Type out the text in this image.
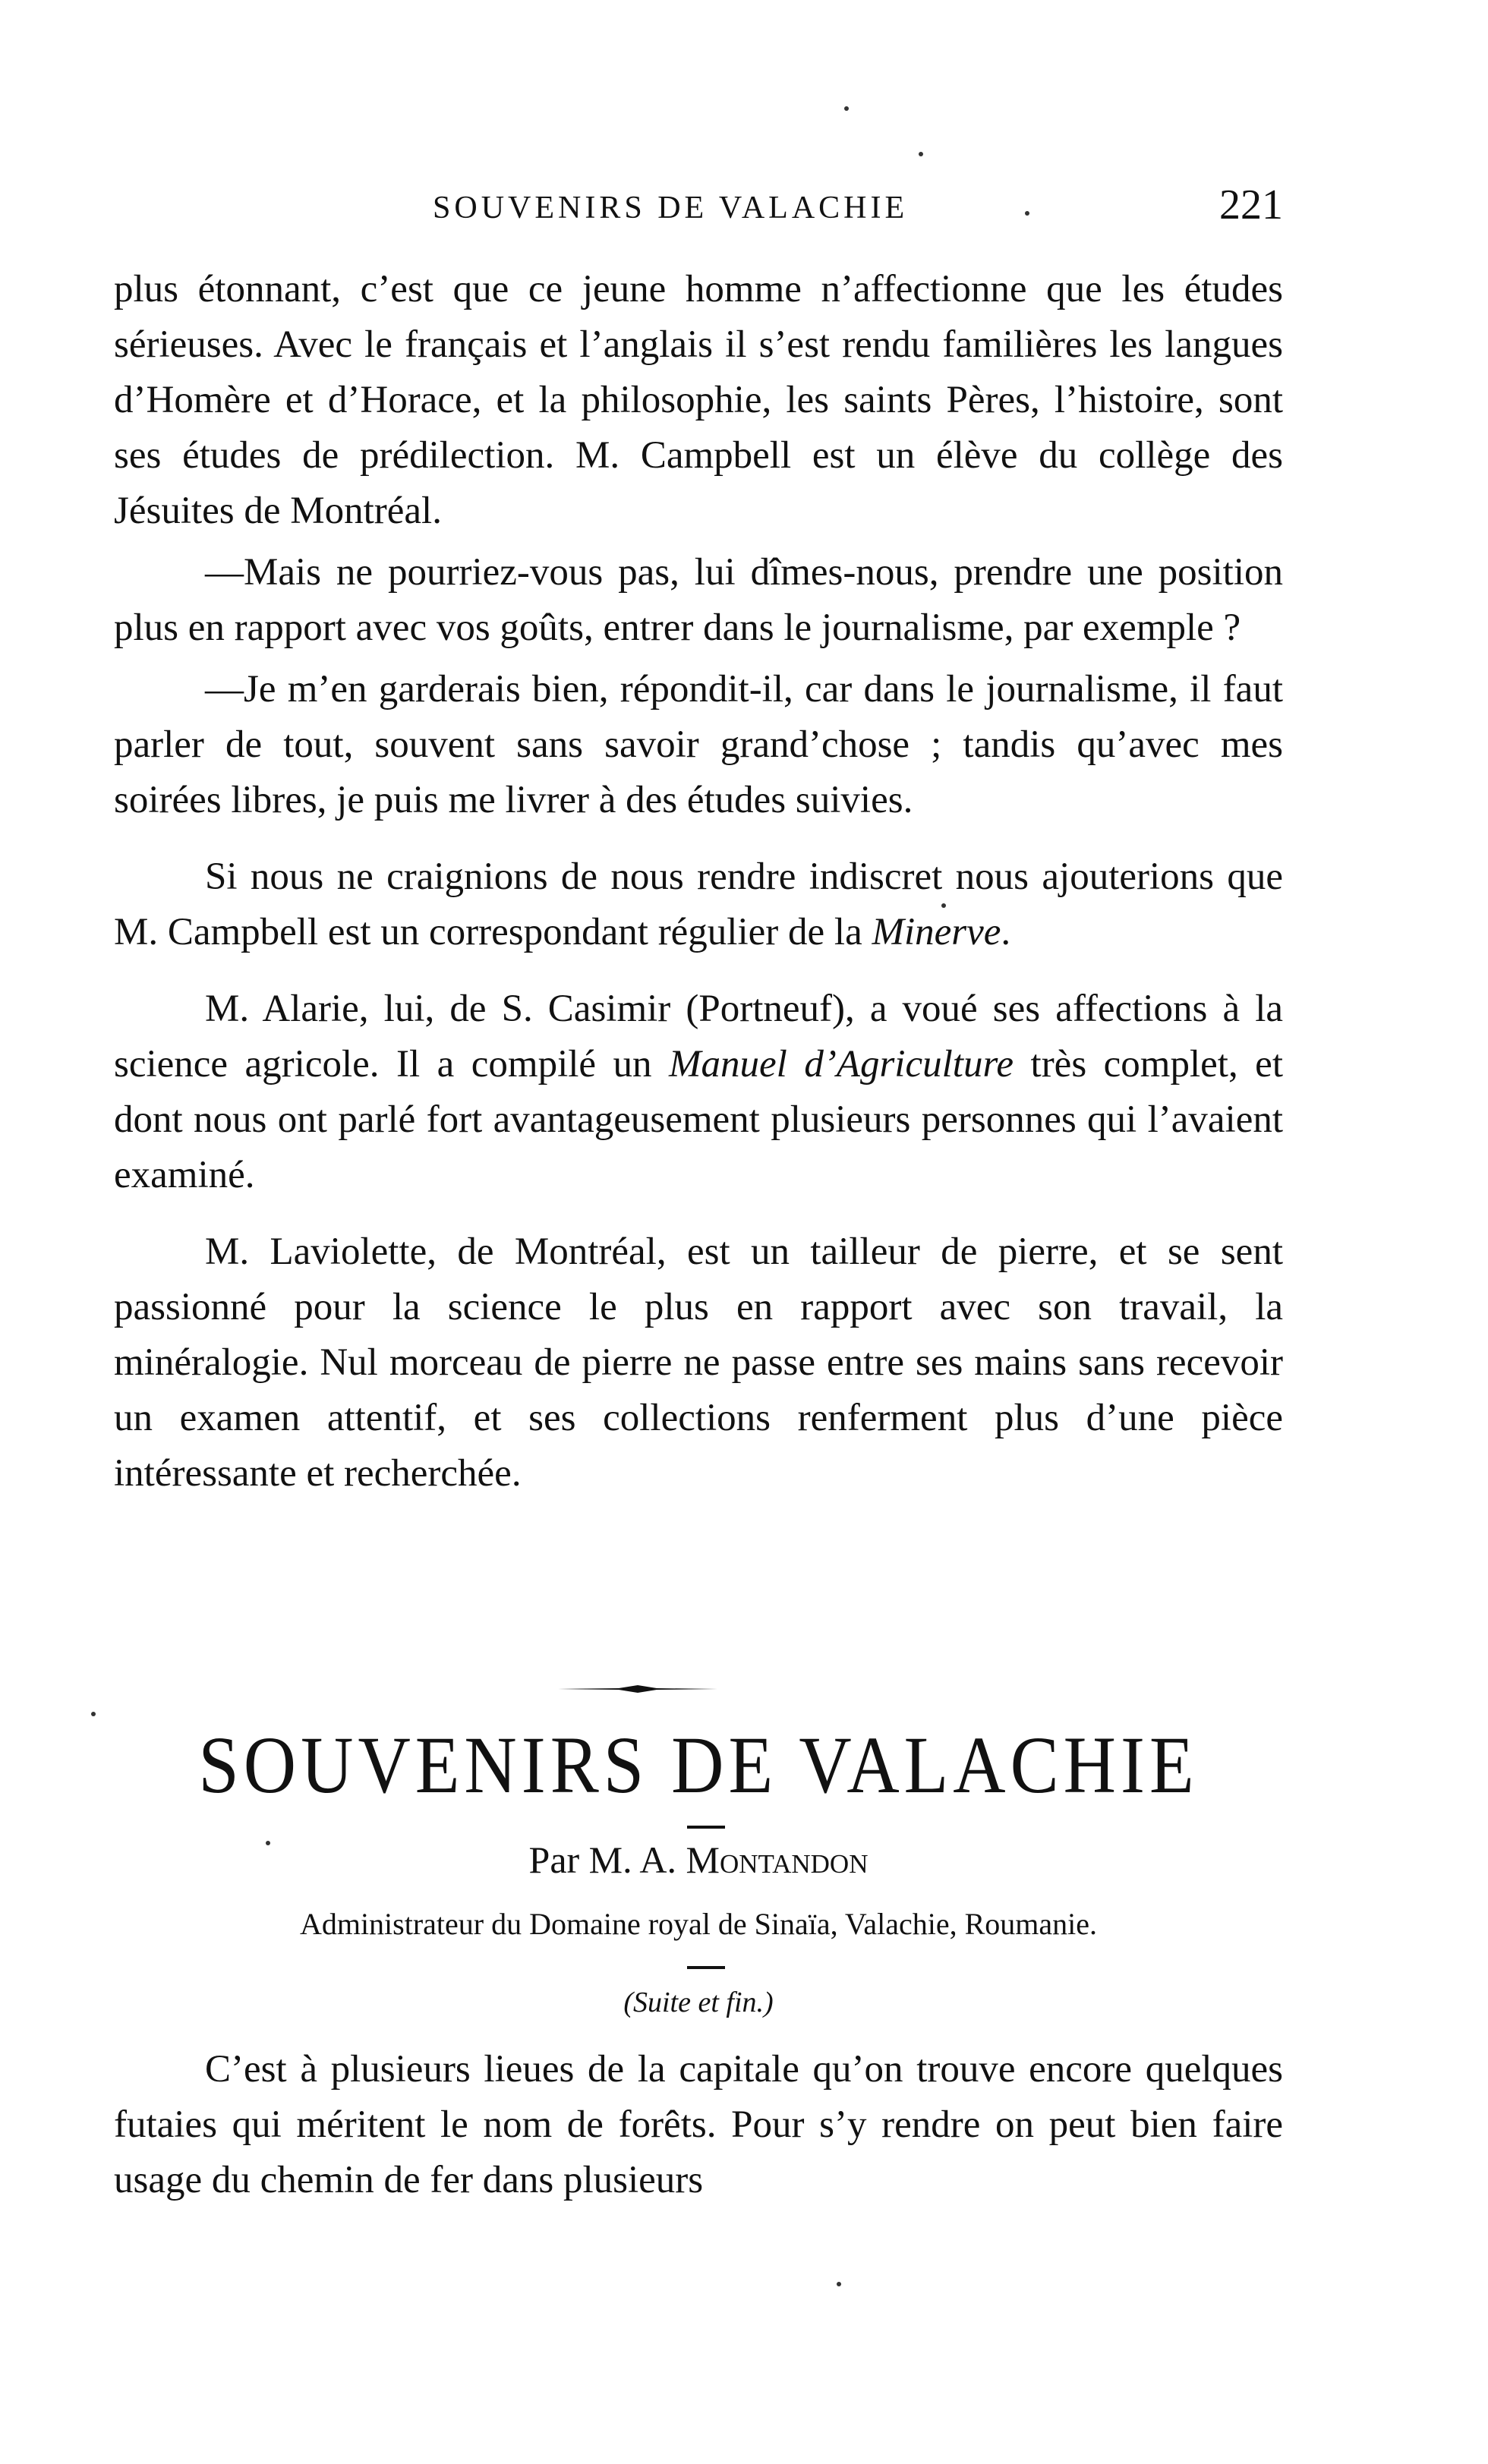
SOUVENIRS DE VALACHIE	221

plus étonnant, c’est que ce jeune homme n’affectionne que les études sérieuses. Avec le français et l’anglais il s’est rendu familières les langues d’Homère et d’Horace, et la philosophie, les saints Pères, l’histoire, sont ses études de prédilection. M. Campbell est un élève du collège des Jésuites de Montréal.

—Mais ne pourriez-vous pas, lui dîmes-nous, prendre une position plus en rapport avec vos goûts, entrer dans le journalisme, par exemple ?

—Je m’en garderais bien, répondit-il, car dans le journalisme, il faut parler de tout, souvent sans savoir grand’chose ; tandis qu’avec mes soirées libres, je puis me livrer à des études suivies.

Si nous ne craignions de nous rendre indiscret nous ajouterions que M. Campbell est un correspondant régulier de la Minerve.

M. Alarie, lui, de S. Casimir (Portneuf), a voué ses affections à la science agricole. Il a compilé un Manuel d’Agriculture très complet, et dont nous ont parlé fort avantageusement plusieurs personnes qui l’avaient examiné.

M. Laviolette, de Montréal, est un tailleur de pierre, et se sent passionné pour la science le plus en rapport avec son travail, la minéralogie. Nul morceau de pierre ne passe entre ses mains sans recevoir un examen attentif, et ses collections renferment plus d’une pièce intéressante et recherchée.

SOUVENIRS DE VALACHIE
Par M. A. Montandon
Administrateur du Domaine royal de Sinaïa, Valachie, Roumanie.
(Suite et fin.)

C’est à plusieurs lieues de la capitale qu’on trouve encore quelques futaies qui méritent le nom de forêts. Pour s’y rendre on peut bien faire usage du chemin de fer dans plusieurs
